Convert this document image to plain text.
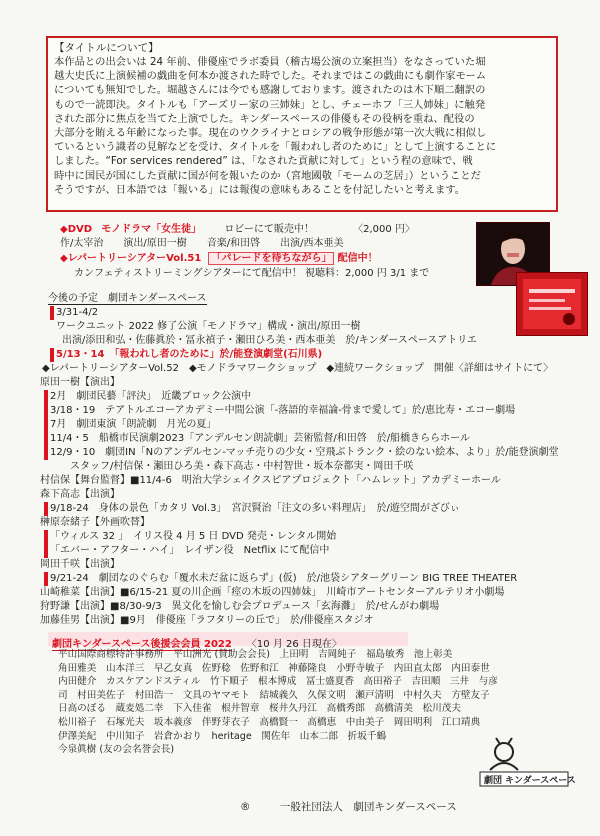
【タイトルについて】

本作品との出会いは 24 年前、俳優座でラボ委員（稽古場公演の立案担当）をなさっていた堀

越大史氏に上演候補の戯曲を何本か渡された時でした。それまではこの戯曲にも劇作家モーム

についても無知でした。堀越さんには今でも感謝しております。渡されたのは木下順二翻訳の

もので一読即決。タイトルも「アーズリー家の三姉妹」とし、チェーホフ「三人姉妹」に触発

された部分に焦点を当てた上演でした。キンダースペースの俳優もその役柄を重ね、配役の

大部分を賄える年齢になった事。現在のウクライナとロシアの戦争形態が第一次大戦に相似し

ているという識者の見解などを受け、タイトルを「報われし者のために」として上演することに

しました。“For services rendered” は、「なされた貢献に対して」という程の意味で、戦

時中に国民が国にした貢献に国が何を報いたのか（宮地國敬「モームの芝居」）ということだ

そうですが、日本語では「報いる」には報復の意味もあることを付記したいと考えます。

◆DVD モノドラマ「女生徒」 ロビーにて販売中！	〈2,000 円〉
作/太宰治　　演出/原田一樹　　音楽/和田啓　　出演/西本亜美
◆レパートリーシアターVol.51 「パレードを待ちながら」 配信中！
カンフェティストリーミングシアターにて配信中！ 視聴料：2,000 円 3/1 まで
今後の予定　劇団キンダースペース
3/31-4/2
ワークユニット 2022 修了公演「モノドラマ」構成・演出/原田一樹
出演/添田和弘・佐藤眞於・冨永禎子・瀬田ひろ美・西本亜美　於/キンダースペースアトリエ
5/13・14　「報われし者のために」於/能登演劇堂(石川県)
◆レパートリーシアターVol.52　◆モノドラマワークショップ　◆連続ワークショップ　開催〈詳細はサイトにて〉
原田一樹【演出】
2月　劇団民藝「評決」　近畿ブロック公演中
3/18・19　テアトルエコーアカデミー中間公演「-落語的幸福論-骨まで愛して」於/恵比寿・エコー劇場
7月　劇団東演「朗読劇　月光の夏」
11/4・5　船橋市民演劇2023「アンデルセン朗読劇」芸術監督/和田啓　於/船橋きららホール
12/9・10　劇団IN「Nのアンデルセン-マッチ売りの少女・空飛ぶトランク・絵のない絵本、より」於/能登演劇堂
スタッフ/村信保・瀬田ひろ美・森下高志・中村智世・坂本奈都実・岡田千咲
村信保【舞台監督】■11/4-6　明治大学シェイクスピアプロジェクト「ハムレット」アカデミーホール
森下高志【出演】
9/18-24　身体の景色「カタリ Vol.3」　宮沢賢治「注文の多い料理店」　於/遊空間がざびぃ
榊原奈緒子【外画吹替】
「ウィルス 32 」　イリス役 4 月 5 日 DVD 発売・レンタル開始
「エバー・アフター・ハイ」　レイザン役　Netflix にて配信中
岡田千咲【出演】
9/21-24　劇団なのぐらむ「覆水未だ盆に返らず」(仮)　於/池袋シアターグリーン BIG TREE THEATER
山崎稚菜【出演】■6/15-21 夏の川企画「痙の木坂の四姉妹」　川崎市アートセンターアルテリオ小劇場
狩野謙【出演】■8/30-9/3　異文化を愉しむ会プロデュース「玄海灘」　於/せんがわ劇場
加藤佳男【出演】■9月　俳優座「ラフタリーの丘で」　於/俳優座スタジオ
劇団キンダースペース後援会会員 2022 〈10 月 26 日現在〉
平山国際商標特許事務所　平山洲光 (賛助会会長)　上田明　吉岡純子　福島敏秀　池上彰美
角田雅美　山本洋三　早乙女真　佐野稔　佐野和江　神藤隆良　小野寺敏子　内田直太郎　内田泰世
内田健介　カスケアンドスティル　竹下順子　根本博成　冨士盛夏香　高田裕子　吉田順　三井　与彦
司　村田美佐子　村田浩一　文具のヤマモト　結城義久　久保文明　瀬戸清明　中村久夫　方壁友子
日高のぼる　蔵麦処二幸　下入佳雀　根井智章　桜井久丹江　高橋秀郎　高橋清美　松川茂夫
松川裕子　石塚光夫　坂本義彦　伴野芽衣子　高橋賢一　高橋恵　中由美子　岡田明利　江口靖典
伊澤美紀　中川知子　岩倉かおり　heritage　関佐年　山本二郎　折坂千鶴
今泉眞樹 (友の会名誉会長)
劇団 キンダースペース
®	一般社団法人　劇団キンダースペース
